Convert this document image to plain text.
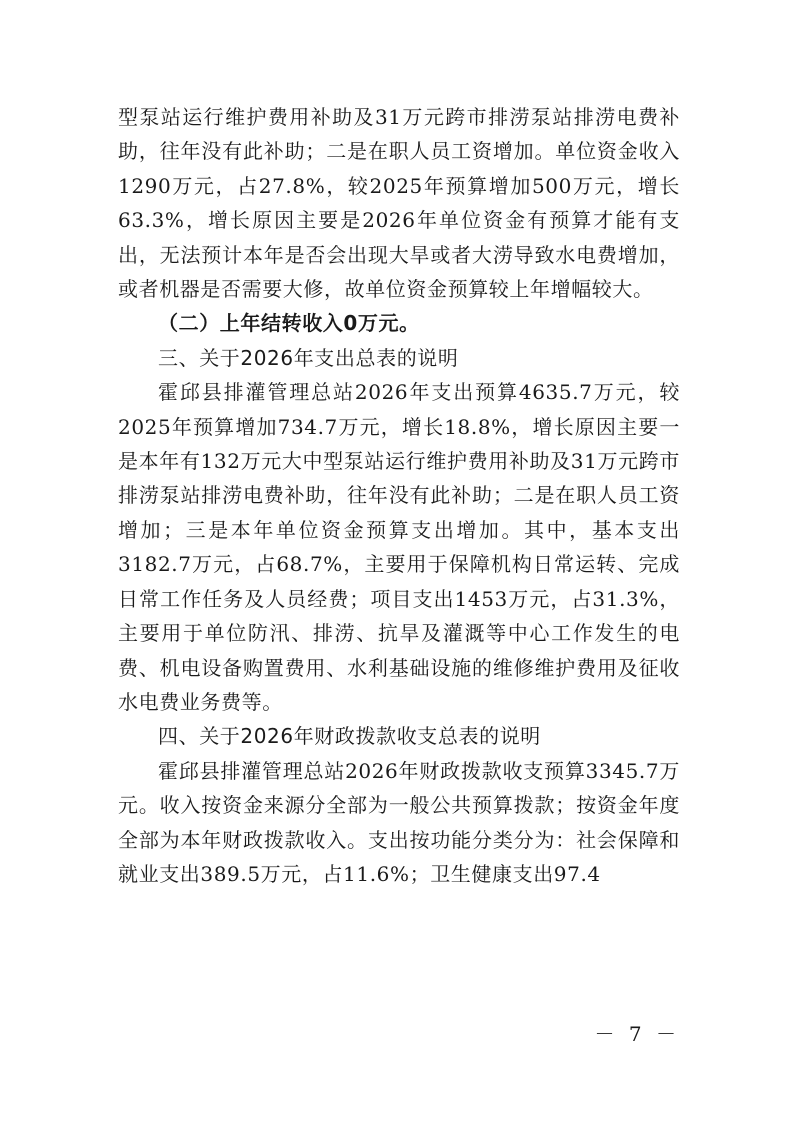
型泵站运行维护费用补助及31万元跨市排涝泵站排涝电费补助，往年没有此补助；二是在职人员工资增加。单位资金收入1290万元，占27.8%，较2025年预算增加500万元，增长63.3%，增长原因主要是2026年单位资金有预算才能有支出，无法预计本年是否会出现大旱或者大涝导致水电费增加，或者机器是否需要大修，故单位资金预算较上年增幅较大。

（二）上年结转收入0万元。

三、关于2026年支出总表的说明

霍邱县排灌管理总站2026年支出预算4635.7万元，较2025年预算增加734.7万元，增长18.8%，增长原因主要一是本年有132万元大中型泵站运行维护费用补助及31万元跨市排涝泵站排涝电费补助，往年没有此补助；二是在职人员工资增加；三是本年单位资金预算支出增加。其中，基本支出3182.7万元，占68.7%，主要用于保障机构日常运转、完成日常工作任务及人员经费；项目支出1453万元，占31.3%，主要用于单位防汛、排涝、抗旱及灌溉等中心工作发生的电费、机电设备购置费用、水利基础设施的维修维护费用及征收水电费业务费等。

四、关于2026年财政拨款收支总表的说明

霍邱县排灌管理总站2026年财政拨款收支预算3345.7万元。收入按资金来源分全部为一般公共预算拨款；按资金年度全部为本年财政拨款收入。支出按功能分类分为：社会保障和就业支出389.5万元，占11.6%；卫生健康支出97.4

－ 7 －
